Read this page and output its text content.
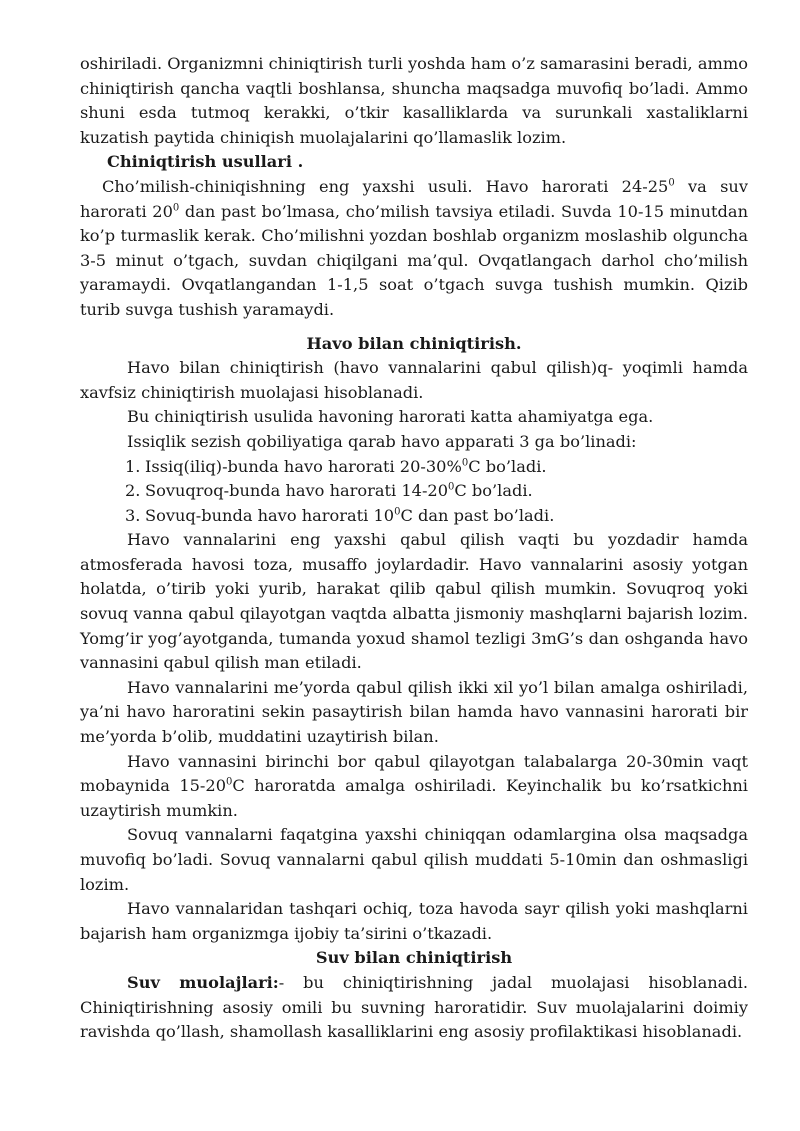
oshiriladi. Organizmni chiniqtirish turli yoshda ham o’z samarasini beradi, ammo chiniqtirish qancha vaqtli boshlansa, shuncha maqsadga muvofiq bo’ladi. Ammo shuni esda tutmoq kerakki, o’tkir kasalliklarda va surunkali xastaliklarni kuzatish paytida chiniqish muolajalarini qo’llamaslik lozim.

Chiniqtirish usullari .

Cho’milish-chiniqishning eng yaxshi usuli. Havo harorati $24-25^0$ va suv harorati $20^0$ dan past bo’lmasa, cho’milish tavsiya etiladi. Suvda 10-15 minutdan ko’p turmaslik kerak. Cho’milishni yozdan boshlab organizm moslashib olguncha 3-5 minut o’tgach, suvdan chiqilgani ma’qul. Ovqatlangach darhol cho’milish yaramaydi. Ovqatlangandan 1-1,5 soat o’tgach suvga tushish mumkin. Qizib turib suvga tushish yaramaydi.

Havo bilan chiniqtirish.

Havo bilan chiniqtirish (havo vannalarini qabul qilish)q- yoqimli hamda xavfsiz chiniqtirish muolajasi hisoblanadi.

Bu chiniqtirish usulida havoning harorati katta ahamiyatga ega.

Issiqlik sezish qobiliyatiga qarab havo apparati 3 ga bo’linadi:

1. Issiq(iliq)-bunda havo harorati 20-30%$^0$C bo’ladi.

2. Sovuqroq-bunda havo harorati $14-20^0C$ bo’ladi.

3. Sovuq-bunda havo harorati $10^0C$ dan past bo’ladi.

Havo vannalarini eng yaxshi qabul qilish vaqti bu yozdadir hamda atmosferada havosi toza, musaffo joylardadir. Havo vannalarini asosiy yotgan holatda, o’tirib yoki yurib, harakat qilib qabul qilish mumkin. Sovuqroq yoki sovuq vanna qabul qilayotgan vaqtda albatta jismoniy mashqlarni bajarish lozim. Yomg’ir yog’ayotganda, tumanda yoxud shamol tezligi 3mG’s dan oshganda havo vannasini qabul qilish man etiladi.

Havo vannalarini me’yorda qabul qilish ikki xil yo’l bilan amalga oshiriladi, ya’ni havo haroratini sekin pasaytirish bilan hamda havo vannasini harorati bir me’yorda b’olib, muddatini uzaytirish bilan.

Havo vannasini birinchi bor qabul qilayotgan talabalarga 20-30min vaqt mobaynida $15-20^0C$ haroratda amalga oshiriladi. Keyinchalik bu ko’rsatkichni uzaytirish mumkin.

Sovuq vannalarni faqatgina yaxshi chiniqqan odamlargina olsa maqsadga muvofiq bo’ladi. Sovuq vannalarni qabul qilish muddati 5-10min dan oshmasligi lozim.

Havo vannalaridan tashqari ochiq, toza havoda sayr qilish yoki mashqlarni bajarish ham organizmga ijobiy ta’sirini o’tkazadi.

Suv bilan chiniqtirish

Suv muolajlari:- bu chiniqtirishning jadal muolajasi hisoblanadi. Chiniqtirishning asosiy omili bu suvning haroratidir. Suv muolajalarini doimiy ravishda qo’llash, shamollash kasalliklarini eng asosiy profilaktikasi hisoblanadi.
